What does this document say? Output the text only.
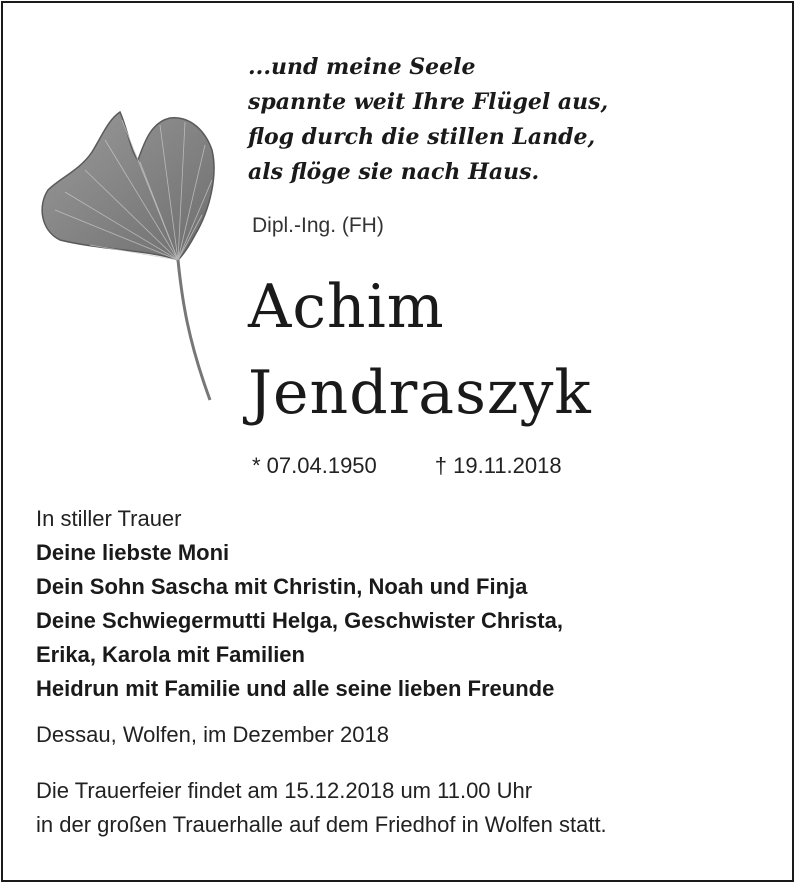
...und meine Seele
spannte weit Ihre Flügel aus,
flog durch die stillen Lande,
als flöge sie nach Haus.
Dipl.-Ing. (FH)
Achim
Jendraszyk
* 07.04.1950	† 19.11.2018
In stiller Trauer
Deine liebste Moni
Dein Sohn Sascha mit Christin, Noah und Finja
Deine Schwiegermutti Helga, Geschwister Christa,
Erika, Karola mit Familien
Heidrun mit Familie und alle seine lieben Freunde
Dessau, Wolfen, im Dezember 2018
Die Trauerfeier findet am 15.12.2018 um 11.00 Uhr
in der großen Trauerhalle auf dem Friedhof in Wolfen statt.
